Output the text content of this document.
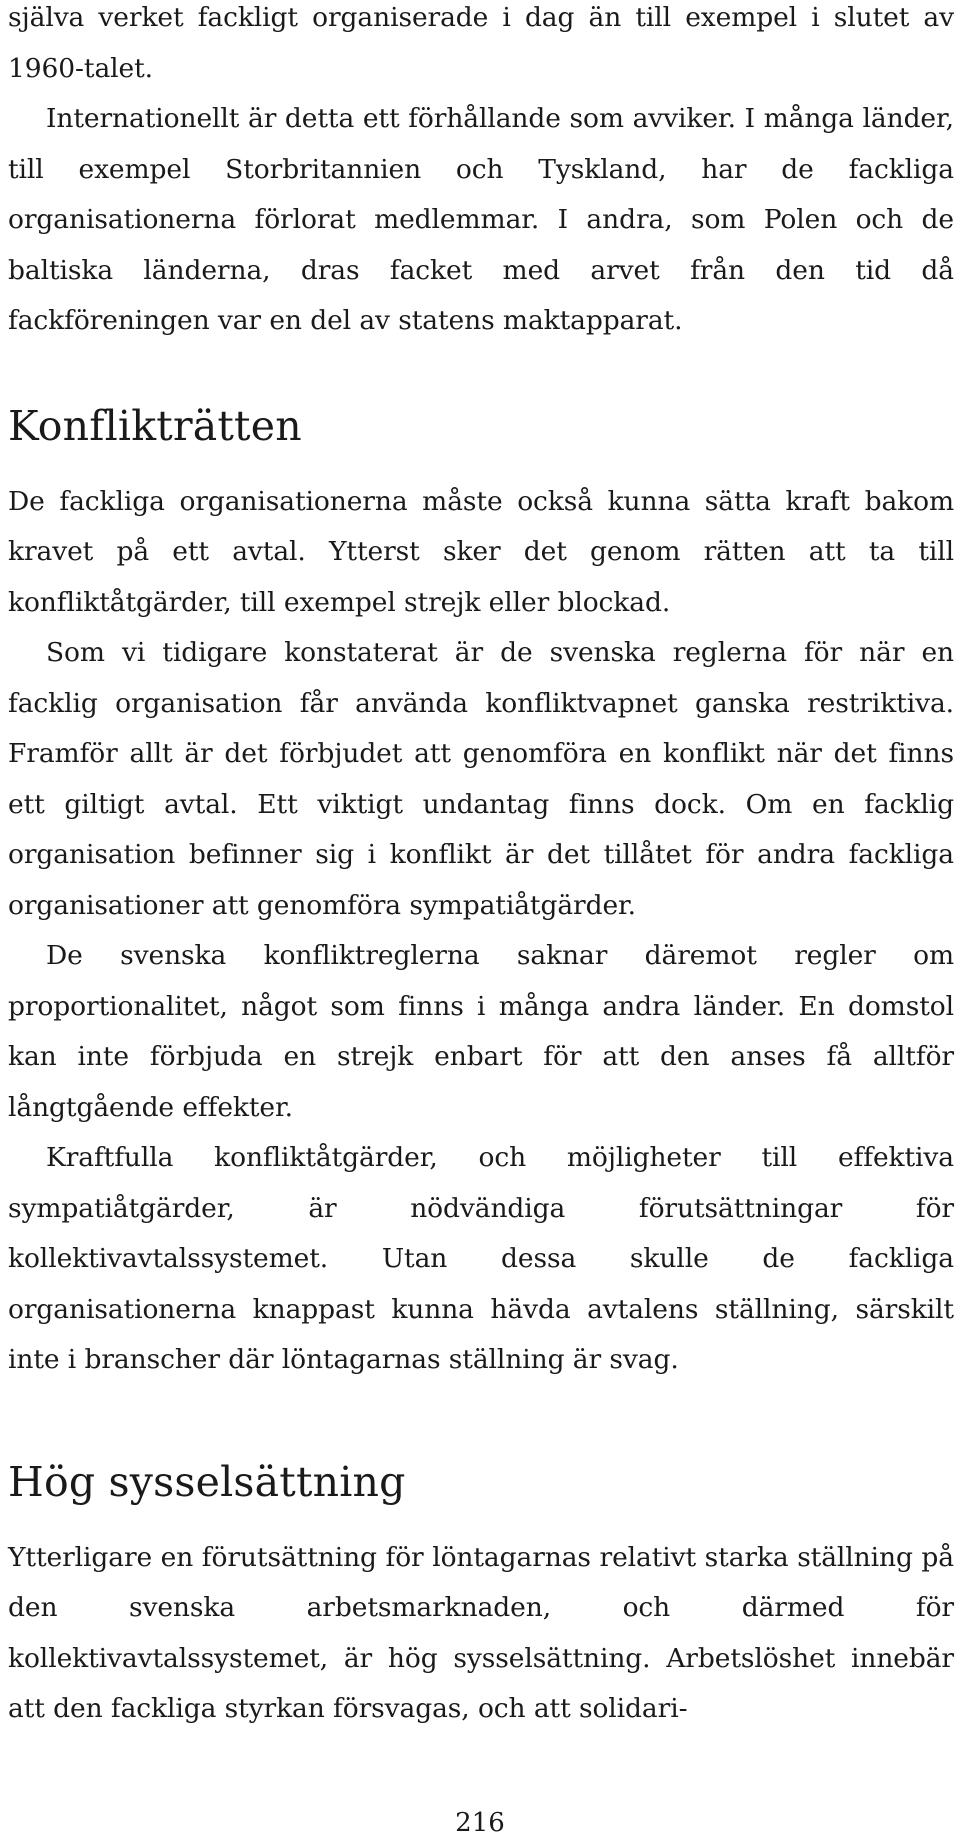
själva verket fackligt organiserade i dag än till exempel i slutet av 1960-talet.

Internationellt är detta ett förhållande som avviker. I många länder, till exempel Storbritannien och Tyskland, har de fackliga organisationerna förlorat medlemmar. I andra, som Polen och de baltiska länderna, dras facket med arvet från den tid då fackföreningen var en del av statens maktapparat.

Konflikträtten

De fackliga organisationerna måste också kunna sätta kraft bakom kravet på ett avtal. Ytterst sker det genom rätten att ta till konfliktåtgärder, till exempel strejk eller blockad.

Som vi tidigare konstaterat är de svenska reglerna för när en facklig organisation får använda konfliktvapnet ganska restriktiva. Framför allt är det förbjudet att genomföra en konflikt när det finns ett giltigt avtal. Ett viktigt undantag finns dock. Om en facklig organisation befinner sig i konflikt är det tillåtet för andra fackliga organisationer att genomföra sympatiåtgärder.

De svenska konfliktreglerna saknar däremot regler om proportionalitet, något som finns i många andra länder. En domstol kan inte förbjuda en strejk enbart för att den anses få alltför långtgående effekter.

Kraftfulla konfliktåtgärder, och möjligheter till effektiva sympatiåtgärder, är nödvändiga förutsättningar för kollektivavtalssystemet. Utan dessa skulle de fackliga organisationerna knappast kunna hävda avtalens ställning, särskilt inte i branscher där löntagarnas ställning är svag.

Hög sysselsättning

Ytterligare en förutsättning för löntagarnas relativt starka ställning på den svenska arbetsmarknaden, och därmed för kollektivavtalssystemet, är hög sysselsättning. Arbetslöshet innebär att den fackliga styrkan försvagas, och att solidari-

216
